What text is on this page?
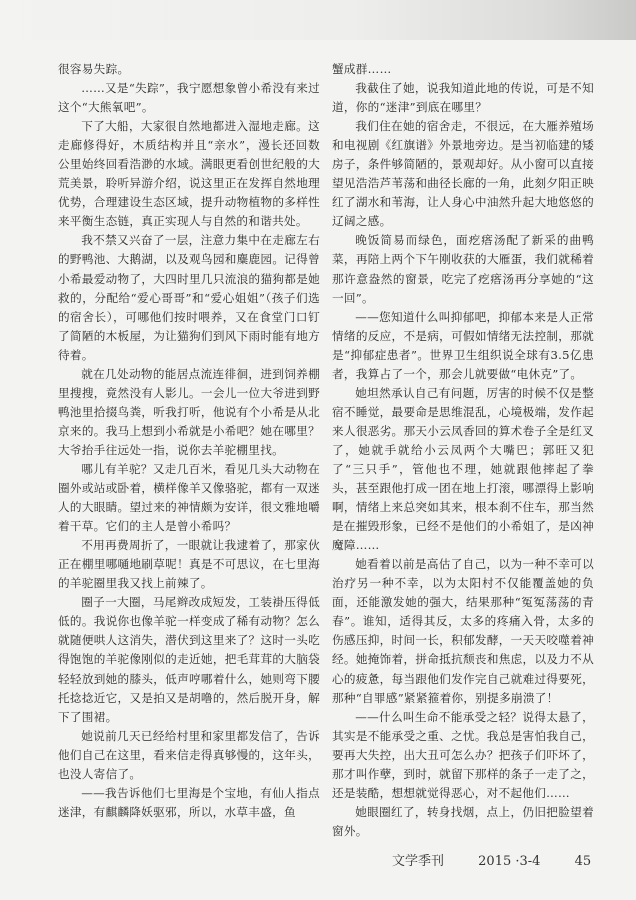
很容易失踪。

……又是“失踪”，我宁愿想象曾小希没有来过这个“大熊氧吧”。

下了大船，大家很自然地都进入湿地走廊。这走廊修得好，木质结构并且“亲水”，漫长还回数公里始终回看浩渺的水域。满眼更看创世纪般的大荒美景，聆听异游介绍，说这里正在发挥自然地理优势，合理建设生态区域，提升动物植物的多样性来平衡生态链，真正实现人与自然的和谐共处。

我不禁又兴奋了一层，注意力集中在走廊左右的野鸭池、大鹅湖，以及观鸟园和麋鹿园。记得曾小希最爱动物了，大四时里几只流浪的猫狗都是她救的，分配给“爱心哥哥”和“爱心姐姐”（孩子们选的宿舍长），可哪他们按时喂养，又在食堂门口钉了简陋的木板屋，为让猫狗们到风下雨时能有地方待着。

就在几处动物的能居点流连徘徊，进到饲养棚里搜搜，竟然没有人影儿。一会儿一位大爷进到野鸭池里拾掇鸟粪，听我打听，他说有个小希是从北京来的。我马上想到小希就是小希吧？她在哪里？大爷抬手往远处一指，说你去羊驼棚里找。

哪儿有羊驼？又走几百米，看见几头大动物在圈外或站或卧着，横样像羊又像骆驼，都有一双迷人的大眼睛。望过来的神情颇为安详，很文雅地嚼着干草。它们的主人是曾小希吗？

不用再费周折了，一眼就让我逮着了，那家伙正在棚里哪嗵地刷草呢！真是不可思议，在七里海的羊驼圈里我又找上前辣了。

圈子一大圈，马尾辫改成短发，工装褂压得低低的。我说你也像羊驼一样变成了稀有动物？怎么就随便哄人这消失，潜伏到这里来了？这时一头吃得饱饱的羊驼像刚似的走近她，把毛茸茸的大脑袋轻轻放到她的膝头，低声哼哪着什么，她则弯下腰托捻捻近它，又是拍又是胡噜的，然后脱开身，解下了围裙。

她说前几天已经给村里和家里都发信了，告诉他们自己在这里，看来信走得真够慢的，这年头，也没人寄信了。

——我告诉他们七里海是个宝地，有仙人指点迷津，有麒麟降妖驱邪，所以，水草丰盛，鱼

蟹成群……

我截住了她，说我知道此地的传说，可是不知道，你的“迷津”到底在哪里？

我们住在她的宿舍走，不很远，在大雁养殖场和电视剧《红旗谱》外景地旁边。是当初临建的矮房子，条件够简陋的，景观却好。从小窗可以直接望见浩浩芦苇荡和曲径长廊的一角，此刻夕阳正映红了湖水和苇海，让人身心中油然升起大地悠悠的辽阔之感。

晚饭简易而绿色，面疙瘩汤配了新采的曲鸭菜，再陪上两个下午刚收获的大雁蛋，我们就稀着那许意盎然的窗景，吃完了疙瘩汤再分享她的“这一回”。

——您知道什么叫抑郁吧，抑郁本来是人正常情绪的反应，不是病，可假如情绪无法控制，那就是“抑郁症患者”。世界卫生组织说全球有3.5亿患者，我算占了一个，那会儿就要做“电休克”了。

她坦然承认自己有问题，厉害的时候不仅是整宿不睡觉，最要命是思维混乱，心境极端，发作起来人很恶劣。那天小云凤香回的算术卷子全是红叉了，她就手就给小云凤两个大嘴巴；郭旺又犯了“三只手”，管他也不理，她就跟他摔起了拳头，甚至跟他打成一团在地上打滚，哪漂得上影响啊，情绪上来总突如其来，根本刹不住车，那当然是在摧毁形象，已经不是他们的小希姐了，是凶神魔障……

她看着以前是高估了自己，以为一种不幸可以治疗另一种不幸，以为太阳村不仅能覆盖她的负面，还能激发她的强大，结果那种“冤冤荡荡的青春”。谁知，适得其反，太多的疼痛入骨，太多的伤感压抑，时间一长，积郁发酵，一天天咬噬着神经。她掩饰着，拼命抵抗颓丧和焦虑，以及力不从心的疲惫，每当跟他们发作完自己就难过得要死，那种“自罪感”紧紧箍着你，别提多崩溃了！

——什么叫生命不能承受之轻？说得太悬了，其实是不能承受之重、之忧。我总是害怕我自己，要再大失控，出大丑可怎么办？把孩子们吓坏了，那才叫作孽，到时，就留下那样的条子一走了之，还是装酷，想想就觉得恶心，对不起他们……

她眼圈红了，转身找烟，点上，仍旧把脸望着窗外。

文学季刊	2015 ·3-4	45
